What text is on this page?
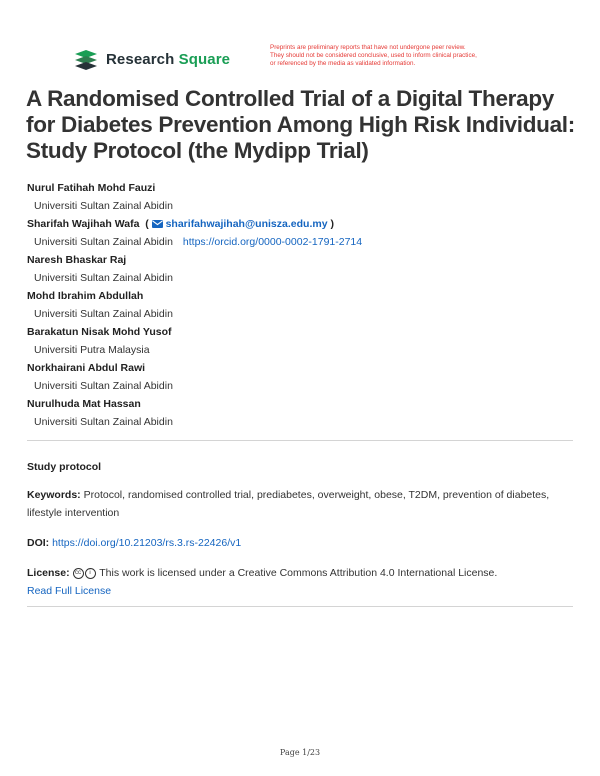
Research Square
Preprints are preliminary reports that have not undergone peer review.
They should not be considered conclusive, used to inform clinical practice,
or referenced by the media as validated information.
A Randomised Controlled Trial of a Digital Therapy for Diabetes Prevention Among High Risk Individual: Study Protocol (the Mydipp Trial)
Nurul Fatihah Mohd Fauzi
Universiti Sultan Zainal Abidin
Sharifah Wajihah Wafa  (  sharifahwajihah@unisza.edu.my )
Universiti Sultan Zainal Abidin https://orcid.org/0000-0002-1791-2714
Naresh Bhaskar Raj
Universiti Sultan Zainal Abidin
Mohd Ibrahim Abdullah
Universiti Sultan Zainal Abidin
Barakatun Nisak Mohd Yusof
Universiti Putra Malaysia
Norkhairani Abdul Rawi
Universiti Sultan Zainal Abidin
Nurulhuda Mat Hassan
Universiti Sultan Zainal Abidin
Study protocol
Keywords: Protocol, randomised controlled trial, prediabetes, overweight, obese, T2DM, prevention of diabetes, lifestyle intervention
DOI: https://doi.org/10.21203/rs.3.rs-22426/v1
License: cc i This work is licensed under a Creative Commons Attribution 4.0 International License.
Read Full License
Page 1/23
